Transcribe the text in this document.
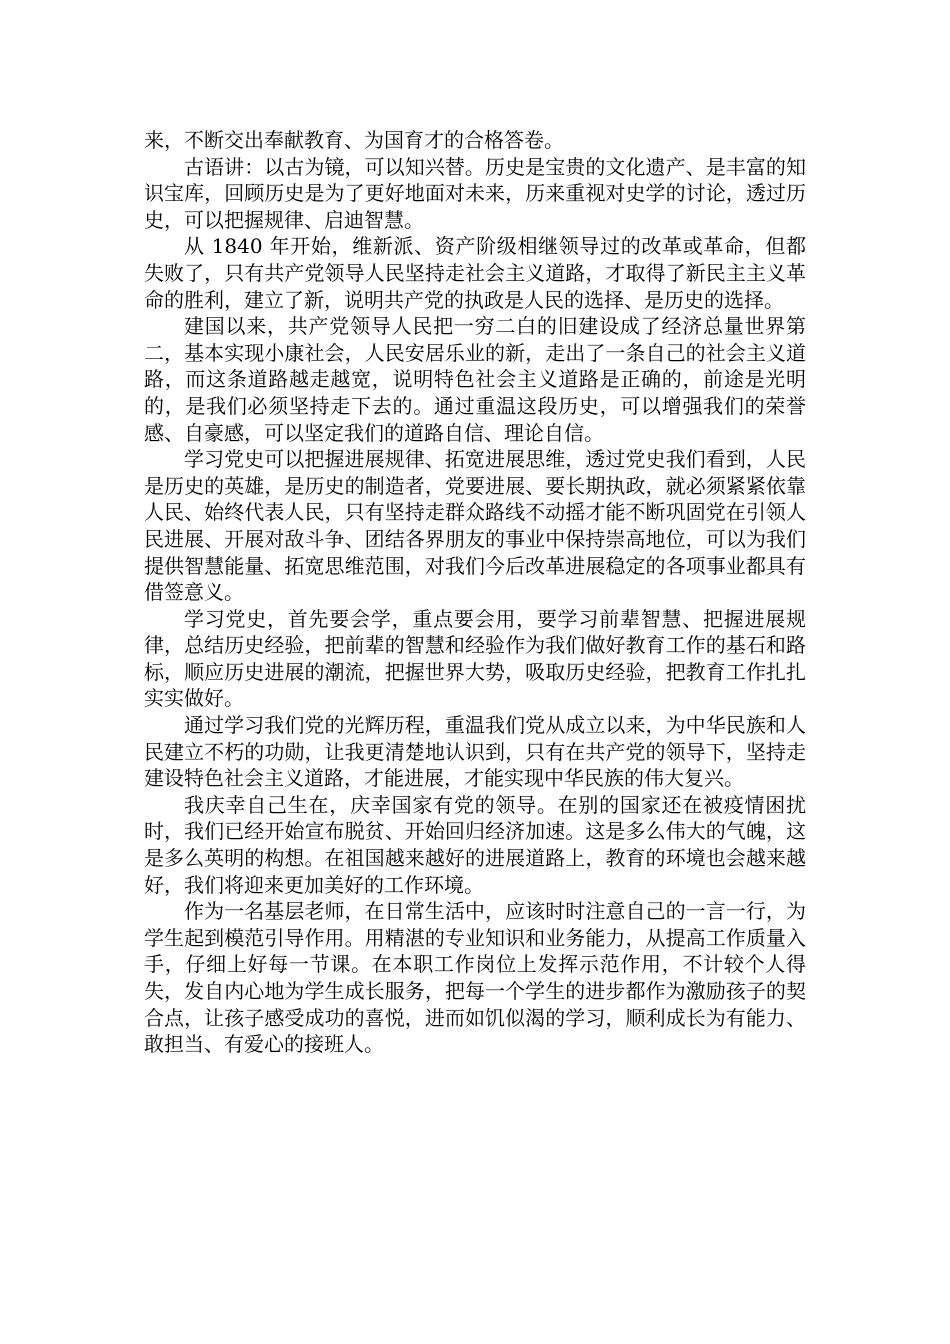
来，不断交出奉献教育、为国育才的合格答卷。

古语讲：以古为镜，可以知兴替。历史是宝贵的文化遗产、是丰富的知识宝库，回顾历史是为了更好地面对未来，历来重视对史学的讨论，透过历史，可以把握规律、启迪智慧。

从 1840 年开始，维新派、资产阶级相继领导过的改革或革命，但都失败了，只有共产党领导人民坚持走社会主义道路，才取得了新民主主义革命的胜利，建立了新，说明共产党的执政是人民的选择、是历史的选择。

建国以来，共产党领导人民把一穷二白的旧建设成了经济总量世界第二，基本实现小康社会，人民安居乐业的新，走出了一条自己的社会主义道路，而这条道路越走越宽，说明特色社会主义道路是正确的，前途是光明的，是我们必须坚持走下去的。通过重温这段历史，可以增强我们的荣誉感、自豪感，可以坚定我们的道路自信、理论自信。

学习党史可以把握进展规律、拓宽进展思维，透过党史我们看到，人民是历史的英雄，是历史的制造者，党要进展、要长期执政，就必须紧紧依靠人民、始终代表人民，只有坚持走群众路线不动摇才能不断巩固党在引领人民进展、开展对敌斗争、团结各界朋友的事业中保持崇高地位，可以为我们提供智慧能量、拓宽思维范围，对我们今后改革进展稳定的各项事业都具有借签意义。

学习党史，首先要会学，重点要会用，要学习前辈智慧、把握进展规律，总结历史经验，把前辈的智慧和经验作为我们做好教育工作的基石和路标，顺应历史进展的潮流，把握世界大势，吸取历史经验，把教育工作扎扎实实做好。

通过学习我们党的光辉历程，重温我们党从成立以来，为中华民族和人民建立不朽的功勋，让我更清楚地认识到，只有在共产党的领导下，坚持走建设特色社会主义道路，才能进展，才能实现中华民族的伟大复兴。

我庆幸自己生在，庆幸国家有党的领导。在别的国家还在被疫情困扰时，我们已经开始宣布脱贫、开始回归经济加速。这是多么伟大的气魄，这是多么英明的构想。在祖国越来越好的进展道路上，教育的环境也会越来越好，我们将迎来更加美好的工作环境。

作为一名基层老师，在日常生活中，应该时时注意自己的一言一行，为学生起到模范引导作用。用精湛的专业知识和业务能力，从提高工作质量入手，仔细上好每一节课。在本职工作岗位上发挥示范作用，不计较个人得失，发自内心地为学生成长服务，把每一个学生的进步都作为激励孩子的契合点，让孩子感受成功的喜悦，进而如饥似渴的学习，顺利成长为有能力、敢担当、有爱心的接班人。
